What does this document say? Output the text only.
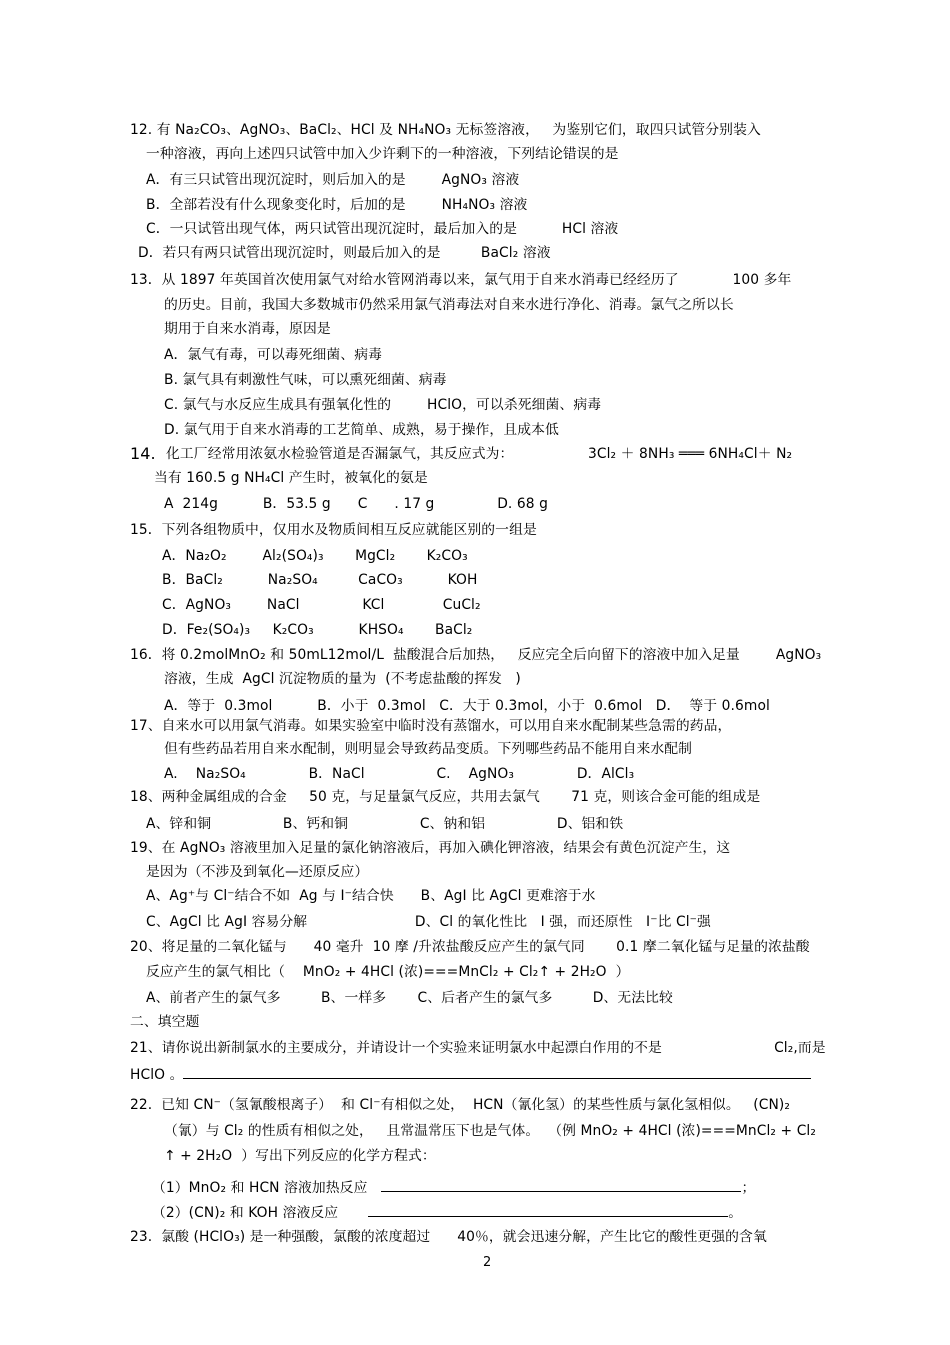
12. 有 Na₂CO₃、AgNO₃、BaCl₂、HCl 及 NH₄NO₃ 无标签溶液，   为鉴别它们，取四只试管分别装入
一种溶液，再向上述四只试管中加入少许剩下的一种溶液，下列结论错误的是
A．有三只试管出现沉淀时，则后加入的是        AgNO₃ 溶液
B．全部若没有什么现象变化时，后加的是        NH₄NO₃ 溶液
C．一只试管出现气体，两只试管出现沉淀时，最后加入的是          HCl 溶液
D．若只有两只试管出现沉淀时，则最后加入的是         BaCl₂ 溶液
13．从 1897 年英国首次使用氯气对给水管网消毒以来，氯气用于自来水消毒已经经历了            100 多年
的历史。目前，我国大多数城市仍然采用氯气消毒法对自来水进行净化、消毒。氯气之所以长
期用于自来水消毒，原因是
A．氯气有毒，可以毒死细菌、病毒
B. 氯气具有刺激性气味，可以熏死细菌、病毒
C. 氯气与水反应生成具有强氧化性的        HClO，可以杀死细菌、病毒
D. 氯气用于自来水消毒的工艺简单、成熟，易于操作，且成本低
14. 化工厂经常用浓氨水检验管道是否漏氯气，其反应式为：	3Cl₂ ＋ 8NH₃ ═══ 6NH₄Cl＋ N₂
当有 160.5 g NH₄Cl 产生时，被氧化的氨是
A  214g          B．53.5 g      C      . 17 g              D. 68 g
15．下列各组物质中，仅用水及物质间相互反应就能区别的一组是
A．Na₂O₂        Al₂(SO₄)₃       MgCl₂       K₂CO₃
B．BaCl₂          Na₂SO₄         CaCO₃          KOH
C．AgNO₃        NaCl              KCl             CuCl₂
D．Fe₂(SO₄)₃     K₂CO₃          KHSO₄       BaCl₂
16．将 0.2molMnO₂ 和 50mL12mol/L  盐酸混合后加热，   反应完全后向留下的溶液中加入足量        AgNO₃
溶液，生成  AgCl 沉淀物质的量为  (不考虑盐酸的挥发   )
A．等于  0.3mol          B．小于  0.3mol   C．大于 0.3mol，小于  0.6mol   D．  等于 0.6mol
17、自来水可以用氯气消毒。如果实验室中临时没有蒸馏水，可以用自来水配制某些急需的药品，
但有些药品若用自来水配制，则明显会导致药品变质。下列哪些药品不能用自来水配制
A.    Na₂SO₄              B．NaCl                C.    AgNO₃              D．AlCl₃
18、两种金属组成的合金     50 克，与足量氯气反应，共用去氯气       71 克，则该合金可能的组成是
A、锌和铜                B、钙和铜                C、钠和铝                D、铝和铁
19、在 AgNO₃ 溶液里加入足量的氯化钠溶液后，再加入碘化钾溶液，结果会有黄色沉淀产生，这
是因为（不涉及到氧化—还原反应）
A、Ag⁺与 Cl⁻结合不如  Ag 与 I⁻结合快      B、AgI 比 AgCl 更难溶于水
C、AgCl 比 AgI 容易分解                        D、Cl 的氧化性比   I 强，而还原性   I⁻比 Cl⁻强
20、将足量的二氧化锰与      40 毫升  10 摩 /升浓盐酸反应产生的氯气同       0.1 摩二氧化锰与足量的浓盐酸
反应产生的氯气相比（    MnO₂ + 4HCl (浓)===MnCl₂ + Cl₂↑ + 2H₂O  ）
A、前者产生的氯气多         B、一样多       C、后者产生的氯气多         D、无法比较
二、填空题
21、请你说出新制氯水的主要成分，并请设计一个实验来证明氯水中起漂白作用的不是                         Cl₂,而是
HClO 。
22.  已知 CN⁻（氢氰酸根离子）  和 Cl⁻有相似之处，  HCN（氰化氢）的某些性质与氯化氢相似。   (CN)₂
（氰）与 Cl₂ 的性质有相似之处，   且常温常压下也是气体。  （例 MnO₂ + 4HCl (浓)===MnCl₂ + Cl₂
↑ + 2H₂O  ）写出下列反应的化学方程式：
（1）MnO₂ 和 HCN 溶液加热反应	；
（2）(CN)₂ 和 KOH 溶液反应	。
23.  氯酸 (HClO₃) 是一种强酸，氯酸的浓度超过      40％，就会迅速分解，产生比它的酸性更强的含氧
2
